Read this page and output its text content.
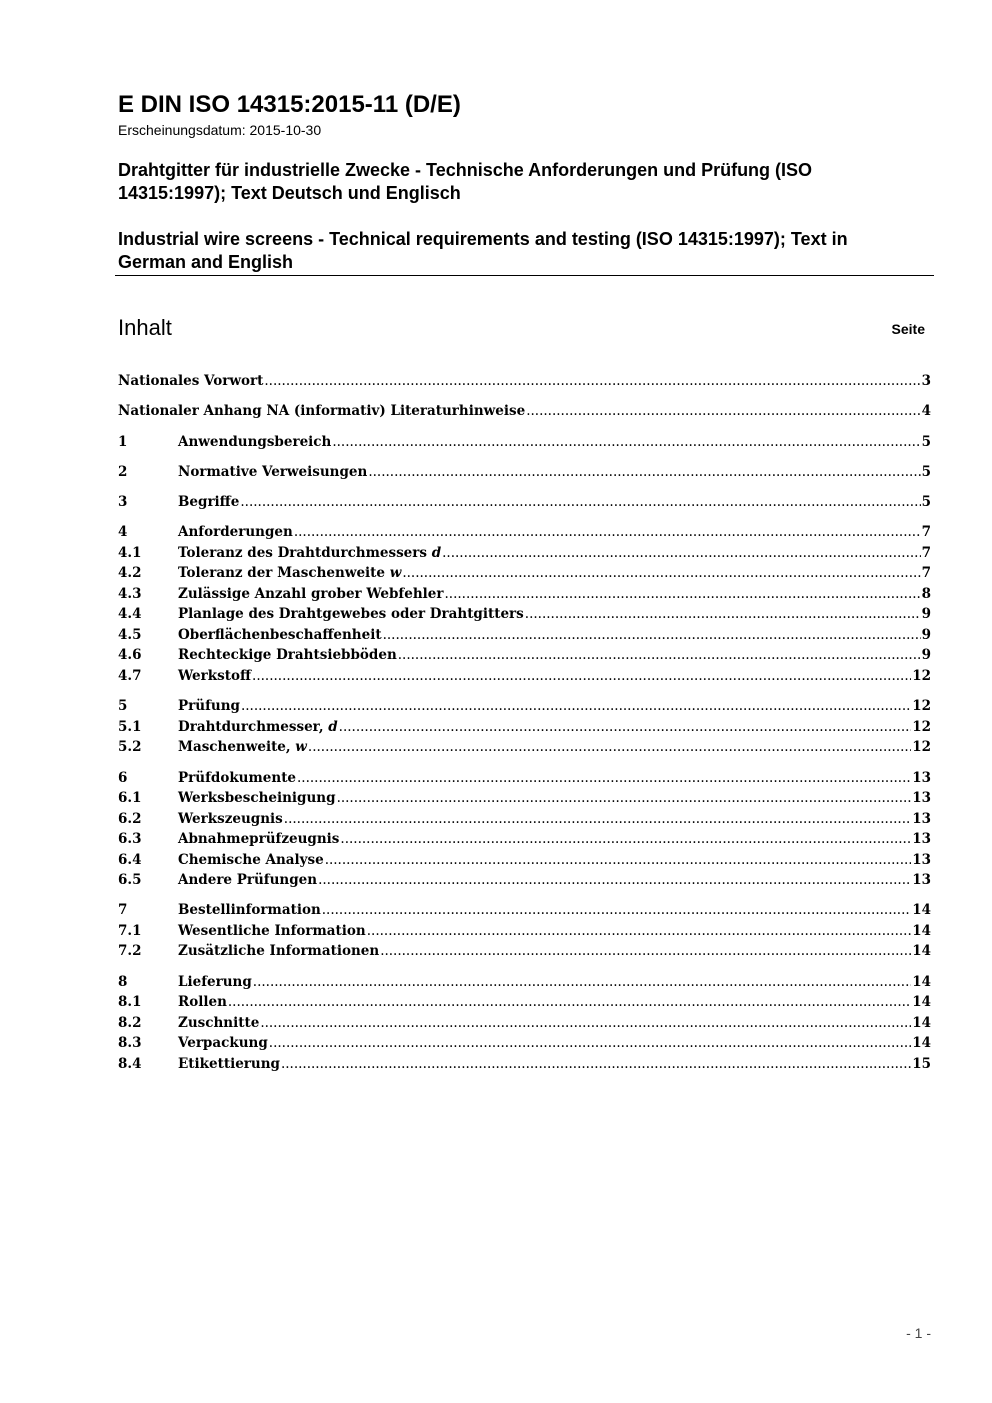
E DIN ISO 14315:2015-11 (D/E)
Erscheinungsdatum: 2015-10-30
Drahtgitter für industrielle Zwecke - Technische Anforderungen und Prüfung (ISO 14315:1997); Text Deutsch und Englisch
Industrial wire screens - Technical requirements and testing (ISO 14315:1997); Text in German and English
Inhalt	Seite
Nationales Vorwort .....	3
Nationaler Anhang NA (informativ) Literaturhinweise .....	4
1	Anwendungsbereich .....	5
2	Normative Verweisungen .....	5
3	Begriffe .....	5
4	Anforderungen .....	7
4.1	Toleranz des Drahtdurchmessers d .....	7
4.2	Toleranz der Maschenweite w .....	7
4.3	Zulässige Anzahl grober Webfehler .....	8
4.4	Planlage des Drahtgewebes oder Drahtgitters .....	9
4.5	Oberflächenbeschaffenheit .....	9
4.6	Rechteckige Drahtsiebböden .....	9
4.7	Werkstoff .....	12
5	Prüfung .....	12
5.1	Drahtdurchmesser, d .....	12
5.2	Maschenweite, w .....	12
6	Prüfdokumente .....	13
6.1	Werksbescheinigung .....	13
6.2	Werkszeugnis .....	13
6.3	Abnahmeprüfzeugnis .....	13
6.4	Chemische Analyse .....	13
6.5	Andere Prüfungen .....	13
7	Bestellinformation .....	14
7.1	Wesentliche Information .....	14
7.2	Zusätzliche Informationen .....	14
8	Lieferung .....	14
8.1	Rollen .....	14
8.2	Zuschnitte .....	14
8.3	Verpackung .....	14
8.4	Etikettierung .....	15
- 1 -
